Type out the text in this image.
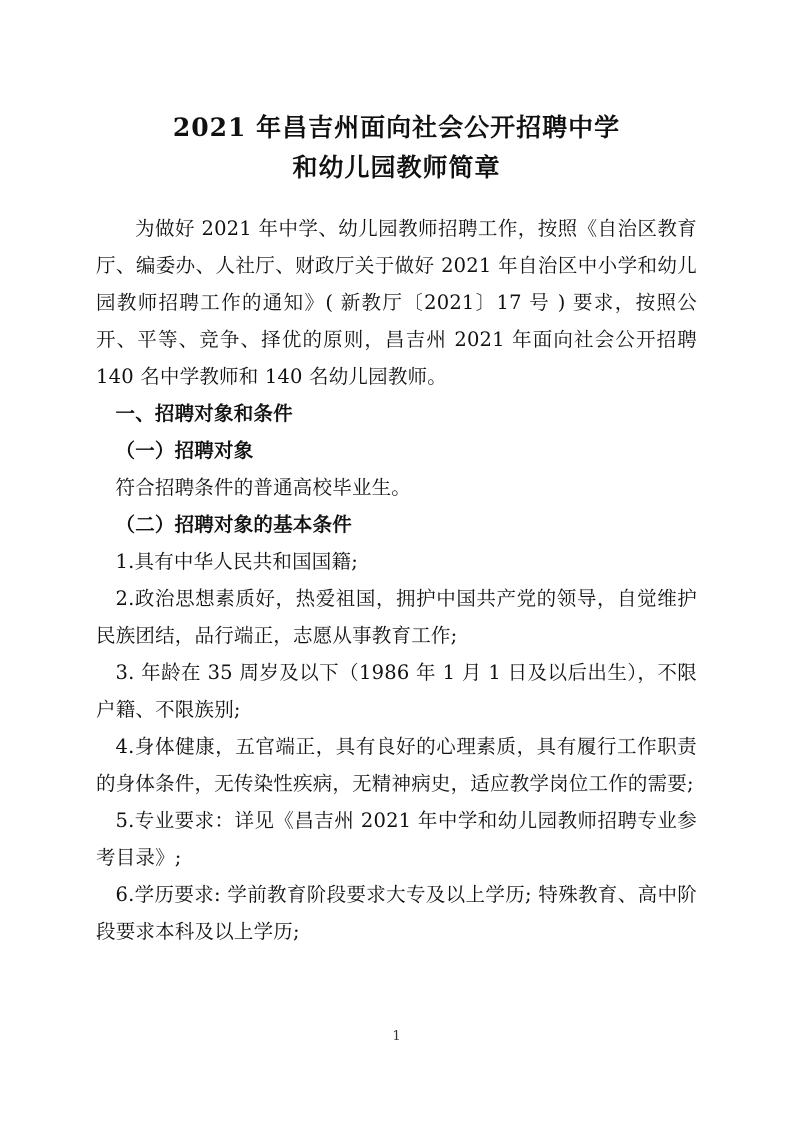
2021 年昌吉州面向社会公开招聘中学
和幼儿园教师简章

为做好 2021 年中学、幼儿园教师招聘工作，按照《自治区教育厅、编委办、人社厅、财政厅关于做好 2021 年自治区中小学和幼儿园教师招聘工作的通知》( 新教厅〔2021〕17 号 ) 要求，按照公开、平等、竞争、择优的原则，昌吉州 2021 年面向社会公开招聘 140 名中学教师和 140 名幼儿园教师。

一、招聘对象和条件

（一）招聘对象

符合招聘条件的普通高校毕业生。

（二）招聘对象的基本条件

1.具有中华人民共和国国籍;

2.政治思想素质好，热爱祖国，拥护中国共产党的领导，自觉维护民族团结，品行端正，志愿从事教育工作;

3. 年龄在 35 周岁及以下（1986 年 1 月 1 日及以后出生），不限户籍、不限族别;

4.身体健康，五官端正，具有良好的心理素质，具有履行工作职责的身体条件，无传染性疾病，无精神病史，适应教学岗位工作的需要;

5.专业要求：详见《昌吉州 2021 年中学和幼儿园教师招聘专业参考目录》;

6.学历要求: 学前教育阶段要求大专及以上学历; 特殊教育、高中阶段要求本科及以上学历;

1
